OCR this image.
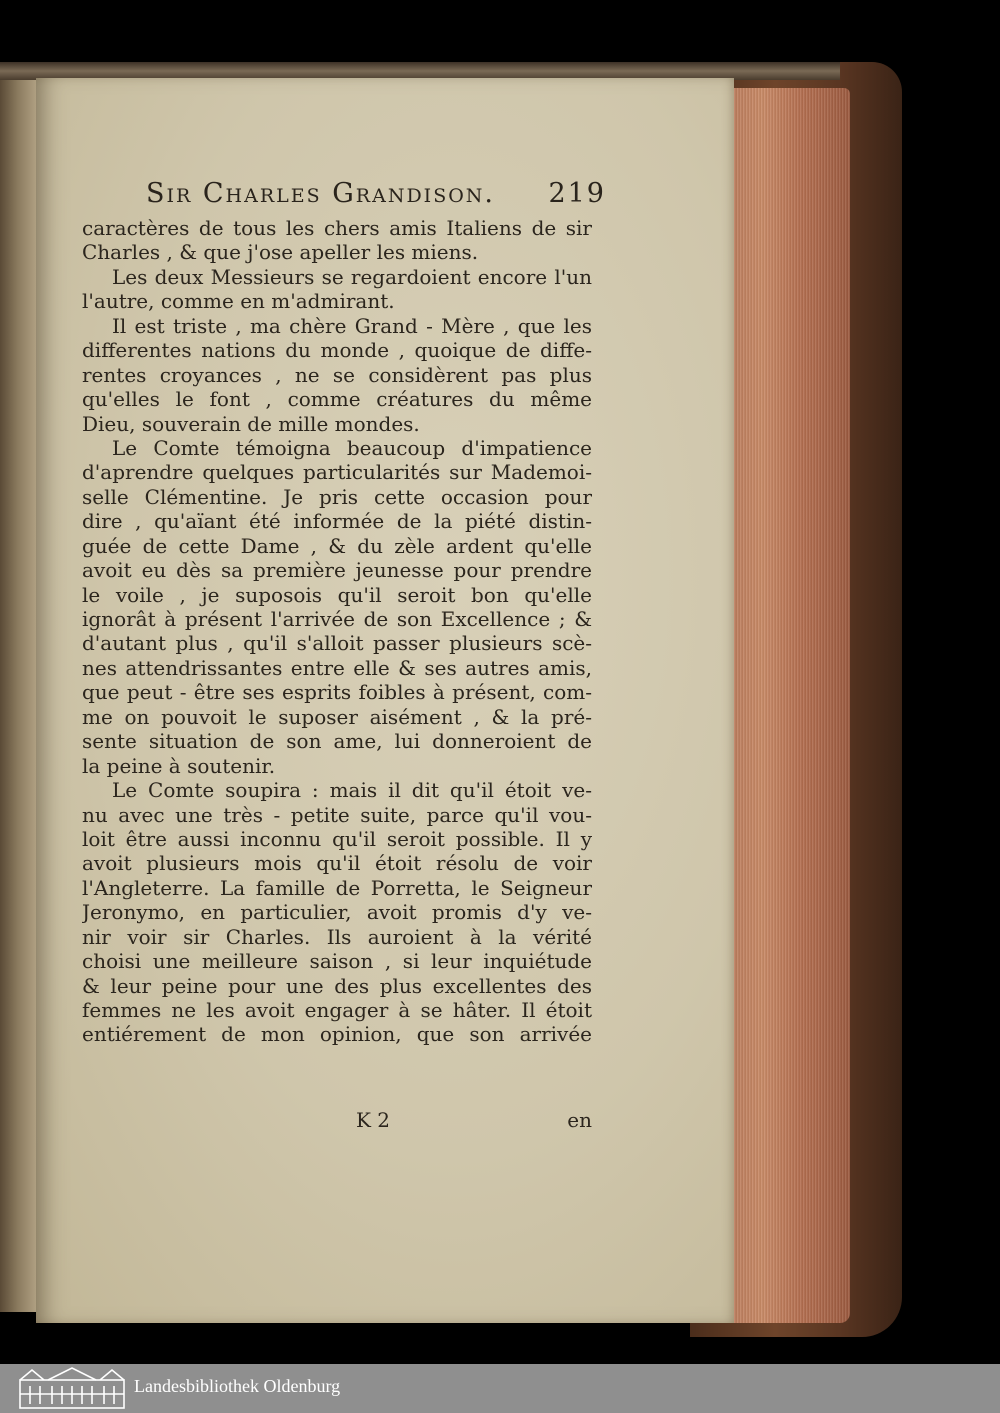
Sir Charles Grandison. 219
caractères de tous les chers amis Italiens de sir
Charles , & que j'ose apeller les miens.
Les deux Messieurs se regardoient encore l'un
l'autre, comme en m'admirant.
Il est triste , ma chère Grand - Mère , que les
differentes nations du monde , quoique de diffe-
rentes croyances , ne se considèrent pas plus
qu'elles le font , comme créatures du même
Dieu, souverain de mille mondes.
Le Comte témoigna beaucoup d'impatience
d'aprendre quelques particularités sur Mademoi-
selle Clémentine. Je pris cette occasion pour
dire , qu'aïant été informée de la piété distin-
guée de cette Dame , & du zèle ardent qu'elle
avoit eu dès sa première jeunesse pour prendre
le voile , je suposois qu'il seroit bon qu'elle
ignorât à présent l'arrivée de son Excellence ; &
d'autant plus , qu'il s'alloit passer plusieurs scè-
nes attendrissantes entre elle & ses autres amis,
que peut - être ses esprits foibles à présent, com-
me on pouvoit le suposer aisément , & la pré-
sente situation de son ame, lui donneroient de
la peine à soutenir.
Le Comte soupira : mais il dit qu'il étoit ve-
nu avec une très - petite suite, parce qu'il vou-
loit être aussi inconnu qu'il seroit possible. Il y
avoit plusieurs mois qu'il étoit résolu de voir
l'Angleterre. La famille de Porretta, le Seigneur
Jeronymo, en particulier, avoit promis d'y ve-
nir voir sir Charles. Ils auroient à la vérité
choisi une meilleure saison , si leur inquiétude
& leur peine pour une des plus excellentes des
femmes ne les avoit engager à se hâter. Il étoit
entiérement de mon opinion, que son arrivée
K 2	en
Landesbibliothek Oldenburg
